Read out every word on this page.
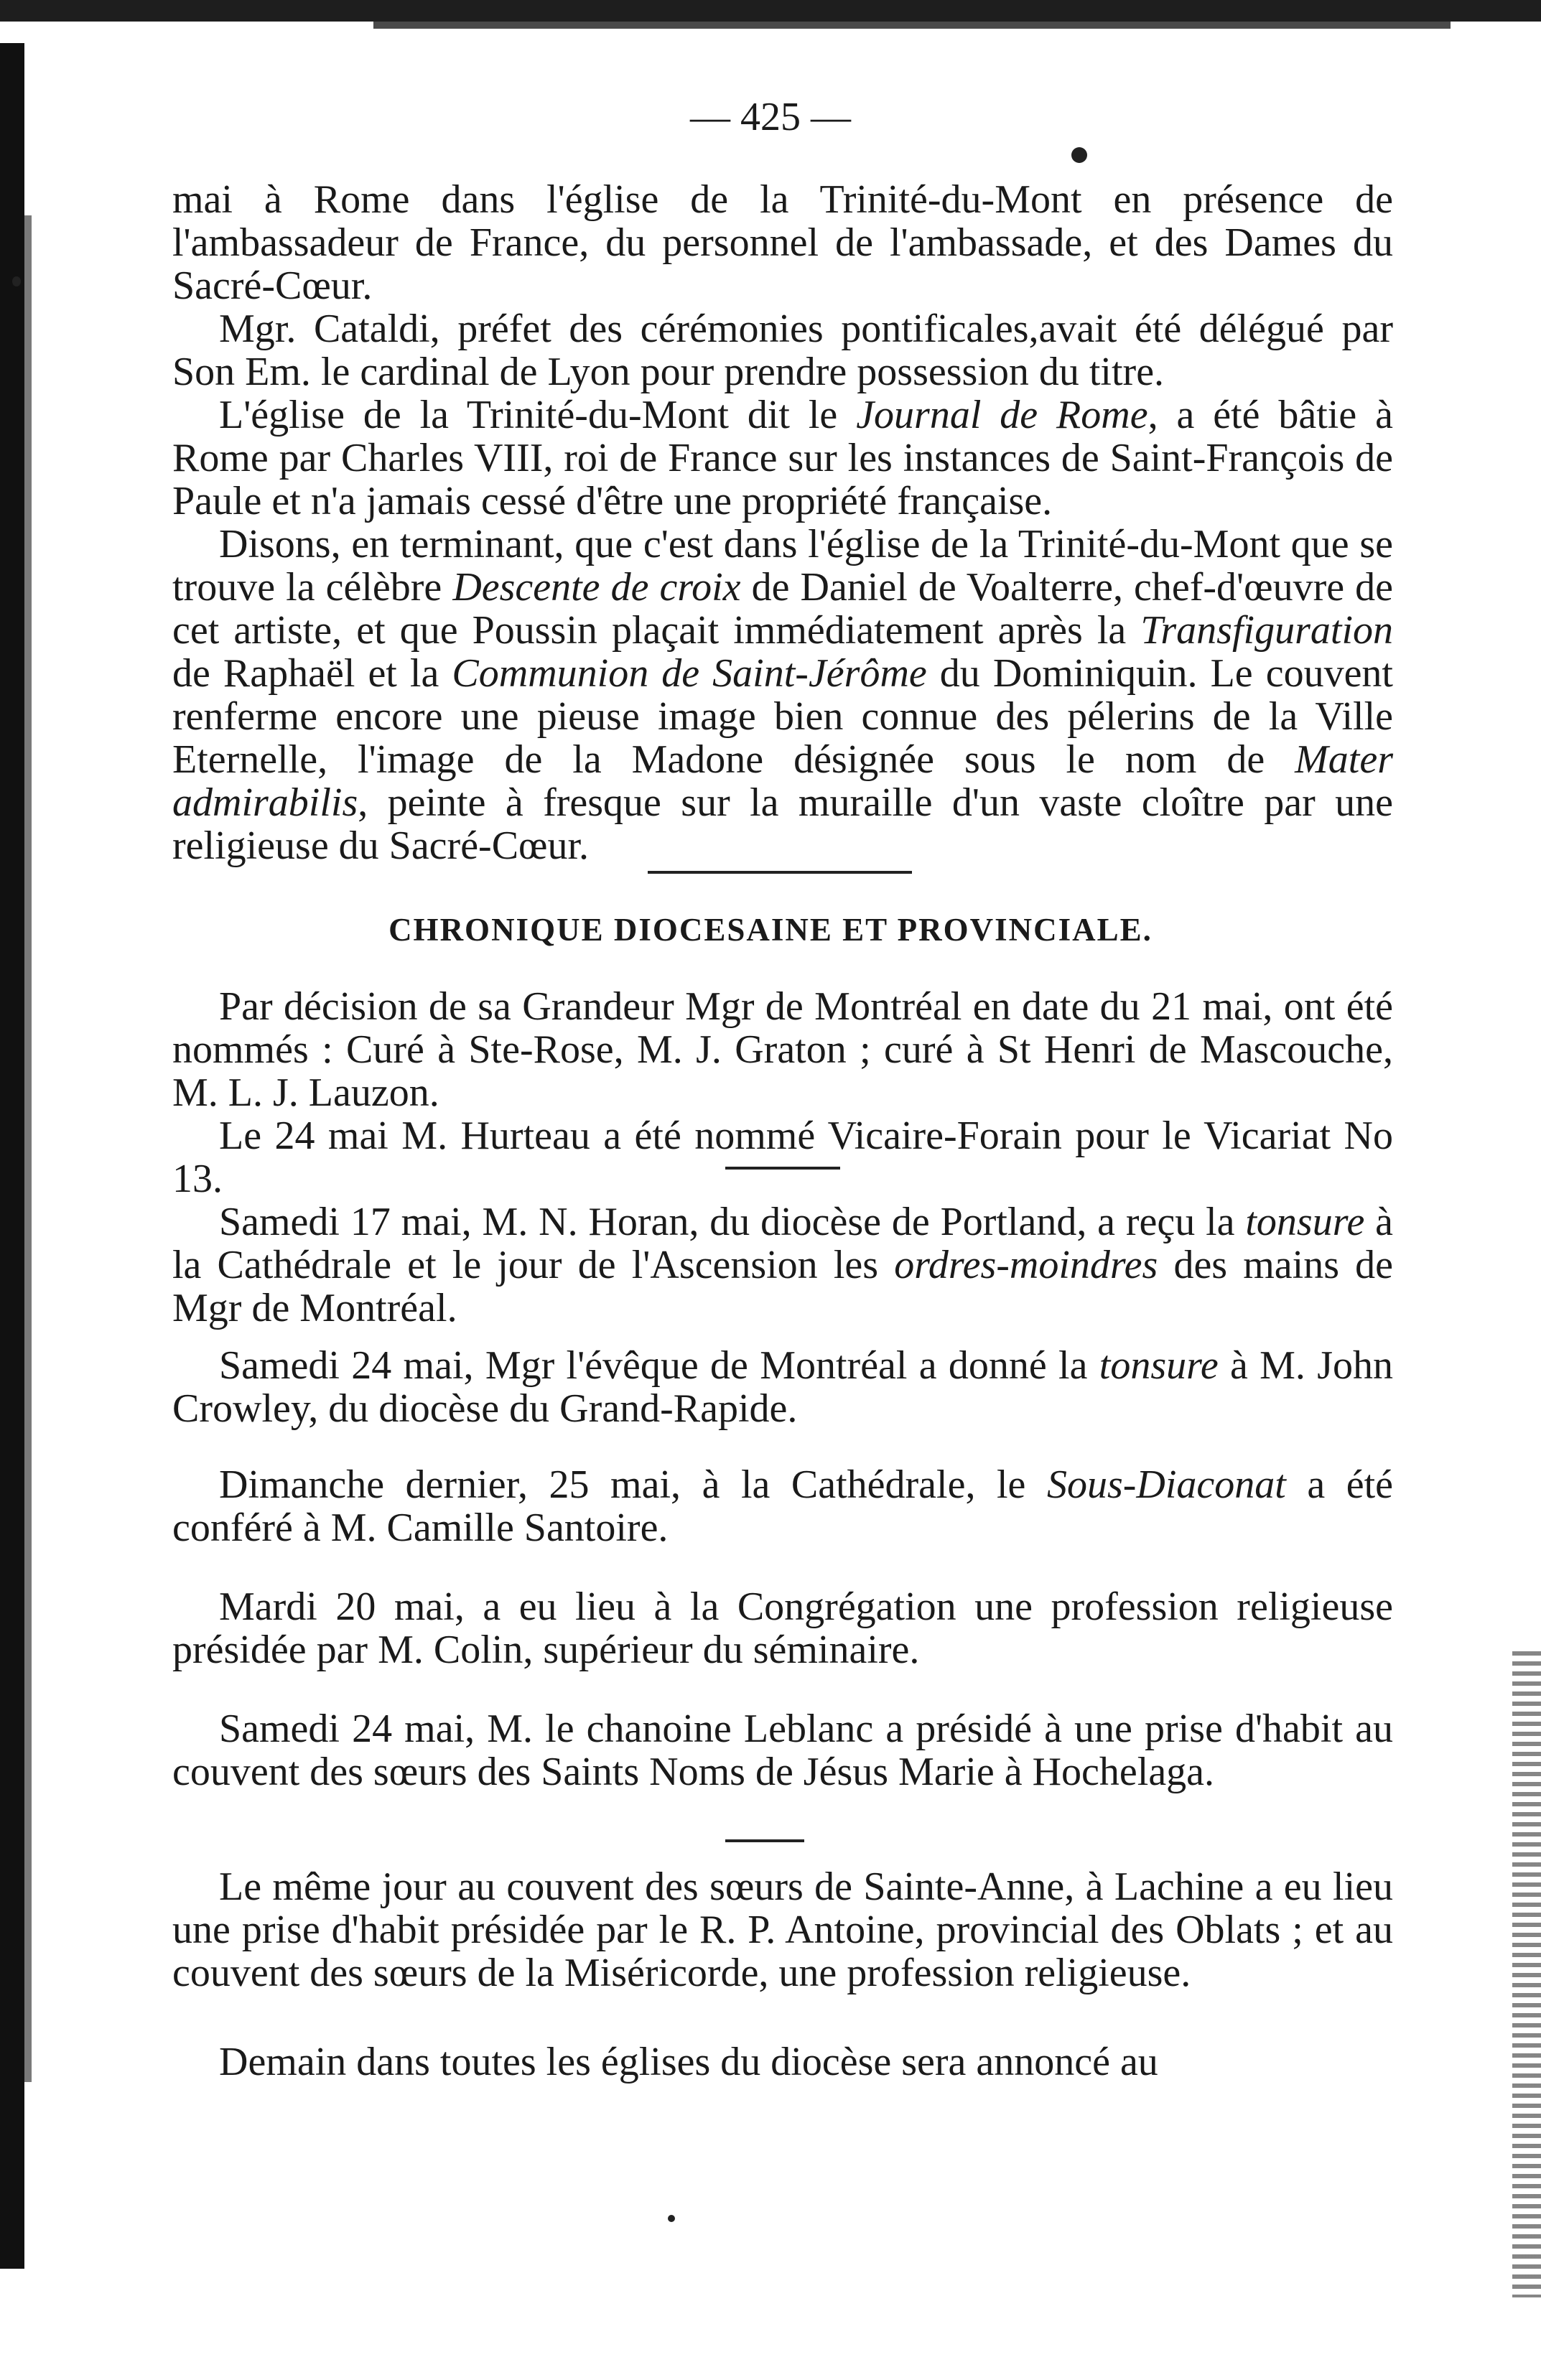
— 425 —

mai à Rome dans l'église de la Trinité-du-Mont en présence de l'ambassadeur de France, du personnel de l'ambassade, et des Dames du Sacré-Cœur.

Mgr. Cataldi, préfet des cérémonies pontificales,avait été délégué par Son Em. le cardinal de Lyon pour prendre possession du titre.

L'église de la Trinité-du-Mont dit le Journal de Rome, a été bâtie à Rome par Charles VIII, roi de France sur les instances de Saint-François de Paule et n'a jamais cessé d'être une propriété française.

Disons, en terminant, que c'est dans l'église de la Trinité-du-Mont que se trouve la célèbre Descente de croix de Daniel de Voalterre, chef-d'œuvre de cet artiste, et que Poussin plaçait immédiatement après la Transfiguration de Raphaël et la Communion de Saint-Jérôme du Dominiquin. Le couvent renferme encore une pieuse image bien connue des pélerins de la Ville Eternelle, l'image de la Madone désignée sous le nom de Mater admirabilis, peinte à fresque sur la muraille d'un vaste cloître par une religieuse du Sacré-Cœur.

CHRONIQUE DIOCESAINE ET PROVINCIALE.

Par décision de sa Grandeur Mgr de Montréal en date du 21 mai, ont été nommés : Curé à Ste-Rose, M. J. Graton ; curé à St Henri de Mascouche, M. L. J. Lauzon.

Le 24 mai M. Hurteau a été nommé Vicaire-Forain pour le Vicariat No 13.

Samedi 17 mai, M. N. Horan, du diocèse de Portland, a reçu la tonsure à la Cathédrale et le jour de l'Ascension les ordres-moindres des mains de Mgr de Montréal.

Samedi 24 mai, Mgr l'évêque de Montréal a donné la tonsure à M. John Crowley, du diocèse du Grand-Rapide.

Dimanche dernier, 25 mai, à la Cathédrale, le Sous-Diaconat a été conféré à M. Camille Santoire.

Mardi 20 mai, a eu lieu à la Congrégation une profession religieuse présidée par M. Colin, supérieur du séminaire.

Samedi 24 mai, M. le chanoine Leblanc a présidé à une prise d'habit au couvent des sœurs des Saints Noms de Jésus Marie à Hochelaga.

Le même jour au couvent des sœurs de Sainte-Anne, à Lachine a eu lieu une prise d'habit présidée par le R. P. Antoine, provincial des Oblats ; et au couvent des sœurs de la Miséricorde, une profession religieuse.

Demain dans toutes les églises du diocèse sera annoncé au
